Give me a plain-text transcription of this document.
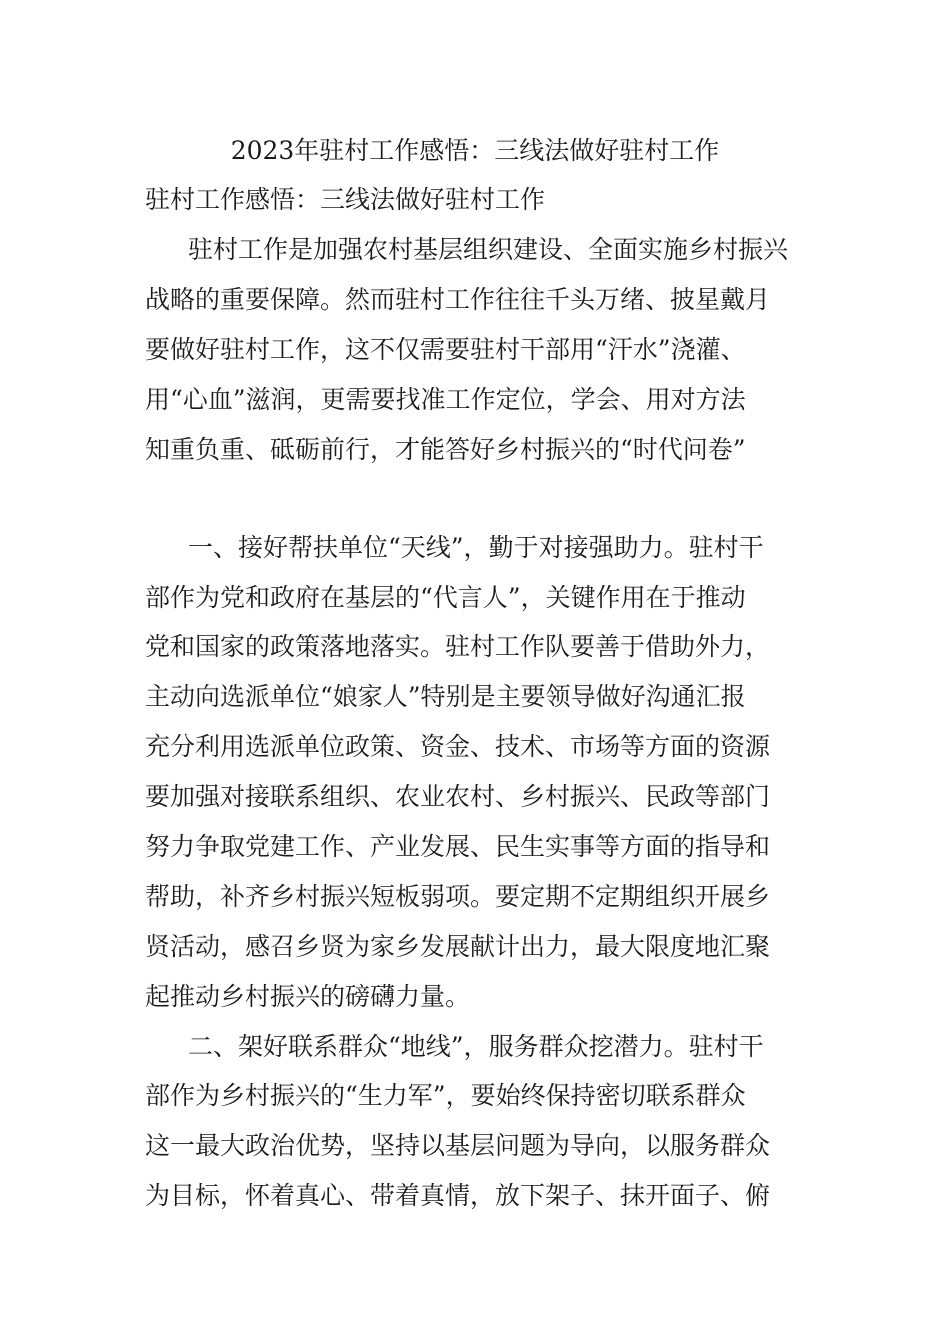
2023年驻村工作感悟：三线法做好驻村工作

驻村工作感悟：三线法做好驻村工作

驻村工作是加强农村基层组织建设、全面实施乡村振兴

战略的重要保障。然而驻村工作往往千头万绪、披星戴月

要做好驻村工作，这不仅需要驻村干部用“汗水”浇灌、

用“心血”滋润，更需要找准工作定位，学会、用对方法

知重负重、砥砺前行，才能答好乡村振兴的“时代问卷”

一、接好帮扶单位“天线”，勤于对接强助力。驻村干

部作为党和政府在基层的“代言人”，关键作用在于推动

党和国家的政策落地落实。驻村工作队要善于借助外力，

主动向选派单位“娘家人”特别是主要领导做好沟通汇报

充分利用选派单位政策、资金、技术、市场等方面的资源

要加强对接联系组织、农业农村、乡村振兴、民政等部门

努力争取党建工作、产业发展、民生实事等方面的指导和

帮助，补齐乡村振兴短板弱项。要定期不定期组织开展乡

贤活动，感召乡贤为家乡发展献计出力，最大限度地汇聚

起推动乡村振兴的磅礴力量。

二、架好联系群众“地线”，服务群众挖潜力。驻村干

部作为乡村振兴的“生力军”，要始终保持密切联系群众

这一最大政治优势，坚持以基层问题为导向，以服务群众

为目标，怀着真心、带着真情，放下架子、抹开面子、俯
